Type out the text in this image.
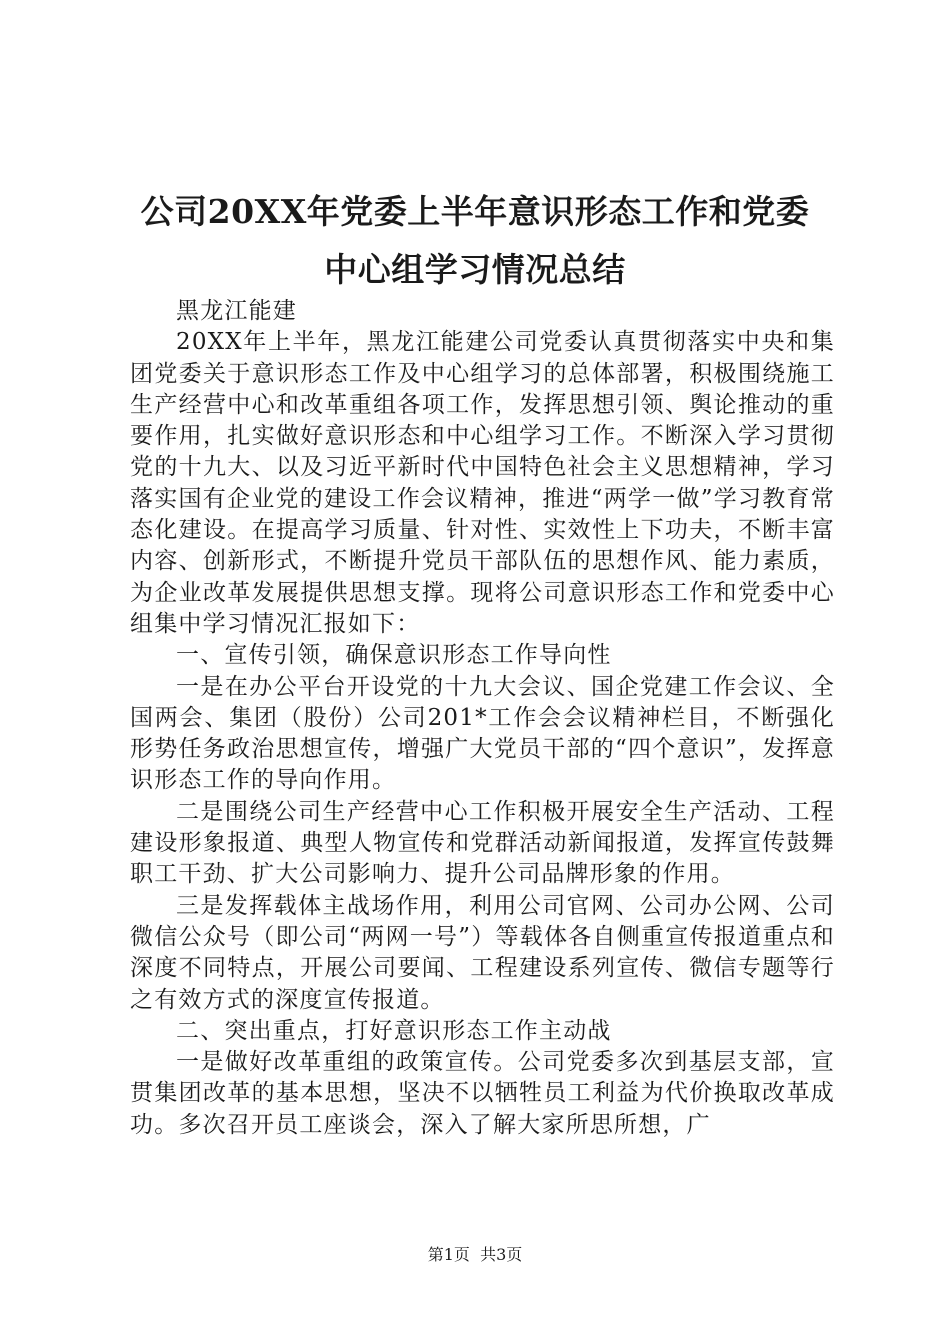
公司20XX年党委上半年意识形态工作和党委
中心组学习情况总结

黑龙江能建

20XX年上半年，黑龙江能建公司党委认真贯彻落实中央和集团党委关于意识形态工作及中心组学习的总体部署，积极围绕施工生产经营中心和改革重组各项工作，发挥思想引领、舆论推动的重要作用，扎实做好意识形态和中心组学习工作。不断深入学习贯彻党的十九大、以及习近平新时代中国特色社会主义思想精神，学习落实国有企业党的建设工作会议精神，推进“两学一做”学习教育常态化建设。在提高学习质量、针对性、实效性上下功夫，不断丰富内容、创新形式，不断提升党员干部队伍的思想作风、能力素质，为企业改革发展提供思想支撑。现将公司意识形态工作和党委中心组集中学习情况汇报如下：

一、宣传引领，确保意识形态工作导向性

一是在办公平台开设党的十九大会议、国企党建工作会议、全国两会、集团（股份）公司201*工作会会议精神栏目，不断强化形势任务政治思想宣传，增强广大党员干部的“四个意识”，发挥意识形态工作的导向作用。

二是围绕公司生产经营中心工作积极开展安全生产活动、工程建设形象报道、典型人物宣传和党群活动新闻报道，发挥宣传鼓舞职工干劲、扩大公司影响力、提升公司品牌形象的作用。

三是发挥载体主战场作用，利用公司官网、公司办公网、公司微信公众号（即公司“两网一号”）等载体各自侧重宣传报道重点和深度不同特点，开展公司要闻、工程建设系列宣传、微信专题等行之有效方式的深度宣传报道。

二、突出重点，打好意识形态工作主动战

一是做好改革重组的政策宣传。公司党委多次到基层支部，宣贯集团改革的基本思想，坚决不以牺牲员工利益为代价换取改革成功。多次召开员工座谈会，深入了解大家所思所想，广

第1页  共3页
